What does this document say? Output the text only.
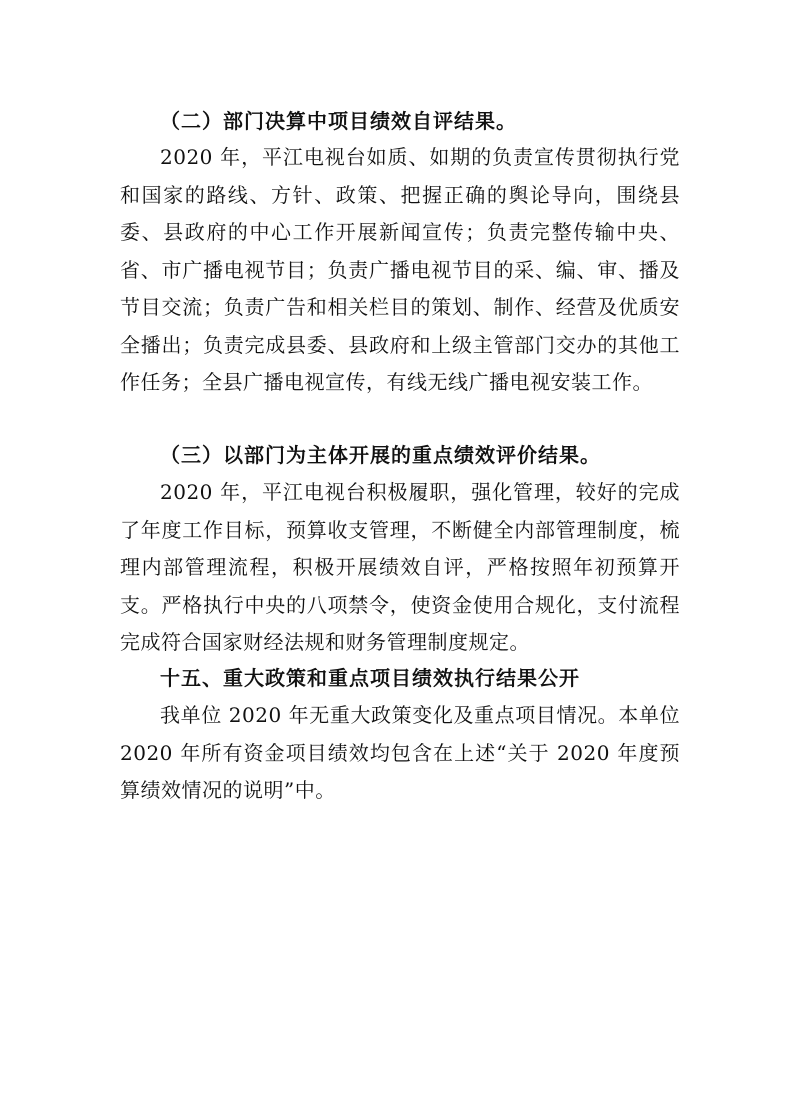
（二）部门决算中项目绩效自评结果。

2020 年，平江电视台如质、如期的负责宣传贯彻执行党和国家的路线、方针、政策、把握正确的舆论导向，围绕县委、县政府的中心工作开展新闻宣传；负责完整传输中央、省、市广播电视节目；负责广播电视节目的采、编、审、播及节目交流；负责广告和相关栏目的策划、制作、经营及优质安全播出；负责完成县委、县政府和上级主管部门交办的其他工作任务；全县广播电视宣传，有线无线广播电视安装工作。

（三）以部门为主体开展的重点绩效评价结果。

2020 年，平江电视台积极履职，强化管理，较好的完成了年度工作目标，预算收支管理，不断健全内部管理制度，梳理内部管理流程，积极开展绩效自评，严格按照年初预算开支。严格执行中央的八项禁令，使资金使用合规化，支付流程完成符合国家财经法规和财务管理制度规定。

十五、重大政策和重点项目绩效执行结果公开

我单位 2020 年无重大政策变化及重点项目情况。本单位 2020 年所有资金项目绩效均包含在上述“关于 2020 年度预算绩效情况的说明”中。
